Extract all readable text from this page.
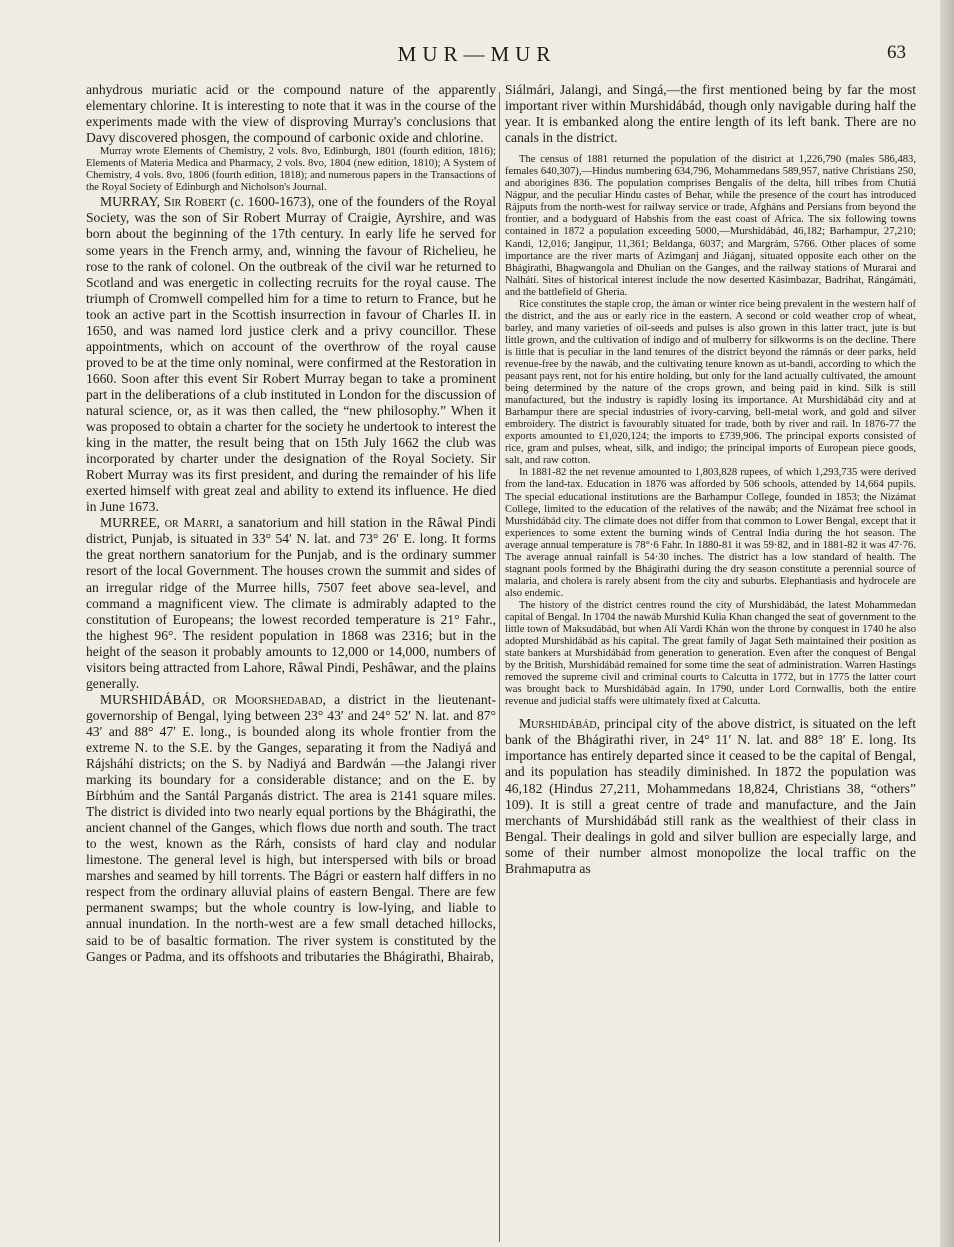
MUR—MUR	63

anhydrous muriatic acid or the compound nature of the apparently elementary chlorine. It is interesting to note that it was in the course of the experiments made with the view of disproving Murray's conclusions that Davy discovered phosgen, the compound of carbonic oxide and chlorine.

Murray wrote Elements of Chemistry, 2 vols. 8vo, Edinburgh, 1801 (fourth edition, 1816); Elements of Materia Medica and Pharmacy, 2 vols. 8vo, 1804 (new edition, 1810); A System of Chemistry, 4 vols. 8vo, 1806 (fourth edition, 1818); and numerous papers in the Transactions of the Royal Society of Edinburgh and Nicholson's Journal.

MURRAY, Sir Robert (c. 1600-1673), one of the founders of the Royal Society, was the son of Sir Robert Murray of Craigie, Ayrshire, and was born about the beginning of the 17th century. In early life he served for some years in the French army, and, winning the favour of Richelieu, he rose to the rank of colonel. On the outbreak of the civil war he returned to Scotland and was energetic in collecting recruits for the royal cause. The triumph of Cromwell compelled him for a time to return to France, but he took an active part in the Scottish insurrection in favour of Charles II. in 1650, and was named lord justice clerk and a privy councillor. These appointments, which on account of the overthrow of the royal cause proved to be at the time only nominal, were confirmed at the Restoration in 1660. Soon after this event Sir Robert Murray began to take a prominent part in the deliberations of a club instituted in London for the discussion of natural science, or, as it was then called, the “new philosophy.” When it was proposed to obtain a charter for the society he undertook to interest the king in the matter, the result being that on 15th July 1662 the club was incorporated by charter under the designation of the Royal Society. Sir Robert Murray was its first president, and during the remainder of his life exerted himself with great zeal and ability to extend its influence. He died in June 1673.

MURREE, or Marri, a sanatorium and hill station in the Râwal Pindi district, Punjab, is situated in 33° 54′ N. lat. and 73° 26′ E. long. It forms the great northern sanatorium for the Punjab, and is the ordinary summer resort of the local Government. The houses crown the summit and sides of an irregular ridge of the Murree hills, 7507 feet above sea-level, and command a magnificent view. The climate is admirably adapted to the constitution of Europeans; the lowest recorded temperature is 21° Fahr., the highest 96°. The resident population in 1868 was 2316; but in the height of the season it probably amounts to 12,000 or 14,000, numbers of visitors being attracted from Lahore, Râwal Pindi, Peshâwar, and the plains generally.

MURSHIDÁBÁD, or Moorshedabad, a district in the lieutenant-governorship of Bengal, lying between 23° 43′ and 24° 52′ N. lat. and 87° 43′ and 88° 47′ E. long., is bounded along its whole frontier from the extreme N. to the S.E. by the Ganges, separating it from the Nadiyá and Rájsháhí districts; on the S. by Nadiyá and Bardwán —the Jalangi river marking its boundary for a considerable distance; and on the E. by Bírbhúm and the Santál Parganás district. The area is 2141 square miles. The district is divided into two nearly equal portions by the Bhágirathi, the ancient channel of the Ganges, which flows due north and south. The tract to the west, known as the Rárh, consists of hard clay and nodular limestone. The general level is high, but interspersed with bils or broad marshes and seamed by hill torrents. The Bágri or eastern half differs in no respect from the ordinary alluvial plains of eastern Bengal. There are few permanent swamps; but the whole country is low-lying, and liable to annual inundation. In the north-west are a few small detached hillocks, said to be of basaltic formation. The river system is constituted by the Ganges or Padma, and its offshoots and tributaries the Bhágirathi, Bhairab,

Siálmári, Jalangi, and Singá,—the first mentioned being by far the most important river within Murshidábád, though only navigable during half the year. It is embanked along the entire length of its left bank. There are no canals in the district.

The census of 1881 returned the population of the district at 1,226,790 (males 586,483, females 640,307),—Hindus numbering 634,796, Mohammedans 589,957, native Christians 250, and aborigines 836. The population comprises Bengalis of the delta, hill tribes from Chutiá Nágpur, and the peculiar Hindu castes of Behar, while the presence of the court has introduced Rájputs from the north-west for railway service or trade, Afgháns and Persians from beyond the frontier, and a bodyguard of Habshis from the east coast of Africa. The six following towns contained in 1872 a population exceeding 5000,—Murshidábád, 46,182; Barhampur, 27,210; Kandi, 12,016; Jangipur, 11,361; Beldanga, 6037; and Margrám, 5766. Other places of some importance are the river marts of Azimganj and Jiáganj, situated opposite each other on the Bhágirathi, Bhagwangola and Dhulian on the Ganges, and the railway stations of Murarai and Nalháti. Sites of historical interest include the now deserted Kásimbazar, Badrihat, Rángámáti, and the battlefield of Gheria.

Rice constitutes the staple crop, the áman or winter rice being prevalent in the western half of the district, and the aus or early rice in the eastern. A second or cold weather crop of wheat, barley, and many varieties of oil-seeds and pulses is also grown in this latter tract, jute is but little grown, and the cultivation of indigo and of mulberry for silkworms is on the decline. There is little that is peculiar in the land tenures of the district beyond the rámnás or deer parks, held revenue-free by the nawáb, and the cultivating tenure known as ut-bandi, according to which the peasant pays rent, not for his entire holding, but only for the land actually cultivated, the amount being determined by the nature of the crops grown, and being paid in kind. Silk is still manufactured, but the industry is rapidly losing its importance. At Murshidábád city and at Barhampur there are special industries of ivory-carving, bell-metal work, and gold and silver embroidery. The district is favourably situated for trade, both by river and rail. In 1876-77 the exports amounted to £1,020,124; the imports to £739,906. The principal exports consisted of rice, gram and pulses, wheat, silk, and indigo; the principal imports of European piece goods, salt, and raw cotton.

In 1881-82 the net revenue amounted to 1,803,828 rupees, of which 1,293,735 were derived from the land-tax. Education in 1876 was afforded by 506 schools, attended by 14,664 pupils. The special educational institutions are the Barhampur College, founded in 1853; the Nizámat College, limited to the education of the relatives of the nawáb; and the Nizámat free school in Murshidábád city. The climate does not differ from that common to Lower Bengal, except that it experiences to some extent the burning winds of Central India during the hot season. The average annual temperature is 78°·6 Fahr. In 1880-81 it was 59·82, and in 1881-82 it was 47·76. The average annual rainfall is 54·30 inches. The district has a low standard of health. The stagnant pools formed by the Bhágirathi during the dry season constitute a perennial source of malaria, and cholera is rarely absent from the city and suburbs. Elephantiasis and hydrocele are also endemic.

The history of the district centres round the city of Murshidábád, the latest Mohammedan capital of Bengal. In 1704 the nawáb Murshid Kulia Khan changed the seat of government to the little town of Maksudábád, but when Alí Vardi Khán won the throne by conquest in 1740 he also adopted Murshidábád as his capital. The great family of Jagat Seth maintained their position as state bankers at Murshidábád from generation to generation. Even after the conquest of Bengal by the British, Murshidábád remained for some time the seat of administration. Warren Hastings removed the supreme civil and criminal courts to Calcutta in 1772, but in 1775 the latter court was brought back to Murshidábád again. In 1790, under Lord Cornwallis, both the entire revenue and judicial staffs were ultimately fixed at Calcutta.

Murshidábád, principal city of the above district, is situated on the left bank of the Bhágirathi river, in 24° 11′ N. lat. and 88° 18′ E. long. Its importance has entirely departed since it ceased to be the capital of Bengal, and its population has steadily diminished. In 1872 the population was 46,182 (Hindus 27,211, Mohammedans 18,824, Christians 38, “others” 109). It is still a great centre of trade and manufacture, and the Jain merchants of Murshidábád still rank as the wealthiest of their class in Bengal. Their dealings in gold and silver bullion are especially large, and some of their number almost monopolize the local traffic on the Brahmaputra as
